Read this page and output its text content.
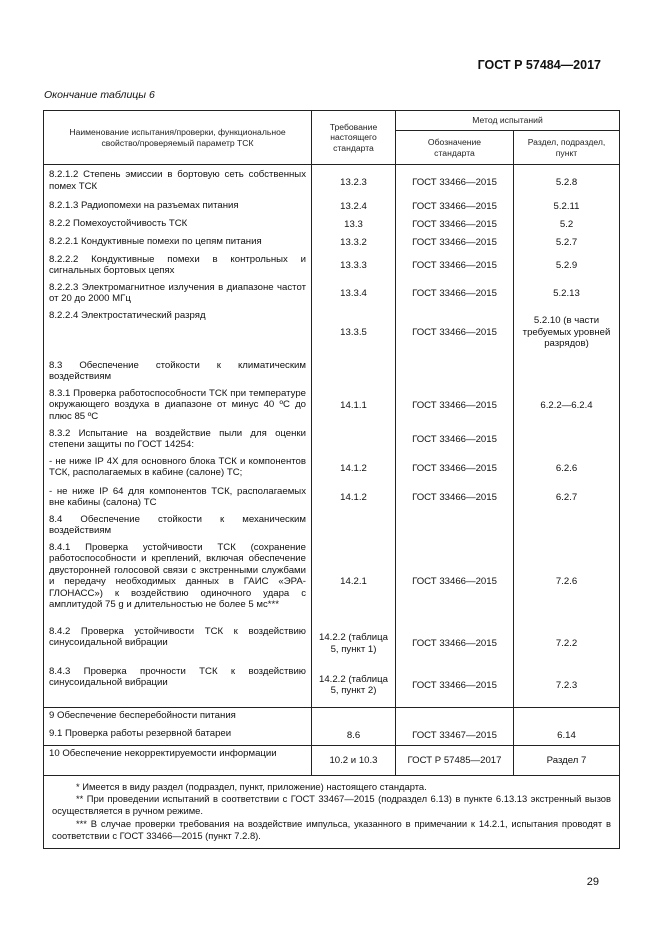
ГОСТ Р 57484—2017
Окончание таблицы 6
Наименование испытания/проверки, функциональное свойство/проверяемый параметр ТСК	Требование настоящего стандарта	Метод испытаний	
		Обозначение стандарта	Раздел, подраздел, пункт
8.2.1.2 Степень эмиссии в бортовую сеть собственных помех ТСК	13.2.3	ГОСТ 33466—2015	5.2.8
8.2.1.3 Радиопомехи на разъемах питания	13.2.4	ГОСТ 33466—2015	5.2.11
8.2.2 Помехоустойчивость ТСК	13.3	ГОСТ 33466—2015	5.2
8.2.2.1 Кондуктивные помехи по цепям питания	13.3.2	ГОСТ 33466—2015	5.2.7
8.2.2.2 Кондуктивные помехи в контрольных и сигнальных бортовых цепях	13.3.3	ГОСТ 33466—2015	5.2.9
8.2.2.3 Электромагнитное излучения в диапазоне частот от 20 до 2000 МГц	13.3.4	ГОСТ 33466—2015	5.2.13
8.2.2.4 Электростатический разряд	13.3.5	ГОСТ 33466—2015	5.2.10 (в части требуемых уровней разрядов)
8.3 Обеспечение стойкости к климатическим воздействиям			
8.3.1 Проверка работоспособности ТСК при температуре окружающего воздуха в диапазоне от минус 40 ºС до плюс 85 ºС	14.1.1	ГОСТ 33466—2015	6.2.2—6.2.4
8.3.2 Испытание на воздействие пыли для оценки степени защиты по ГОСТ 14254:		ГОСТ 33466—2015	
- не ниже IP 4X для основного блока ТСК и компонентов ТСК, располагаемых в кабине (салоне) ТС;	14.1.2	ГОСТ 33466—2015	6.2.6
- не ниже IP 64 для компонентов ТСК, располагаемых вне кабины (салона) ТС	14.1.2	ГОСТ 33466—2015	6.2.7
8.4 Обеспечение стойкости к механическим воздействиям			
8.4.1 Проверка устойчивости ТСК (сохранение работоспособности и креплений, включая обеспечение двусторонней голосовой связи с экстренными службами и передачу необходимых данных в ГАИС «ЭРА-ГЛОНАСС») к воздействию одиночного удара с амплитудой 75 g и длительностью не более 5 мс***	14.2.1	ГОСТ 33466—2015	7.2.6
8.4.2 Проверка устойчивости ТСК к воздействию синусоидальной вибрации	14.2.2 (таблица 5, пункт 1)	ГОСТ 33466—2015	7.2.2
8.4.3 Проверка прочности ТСК к воздействию синусоидальной вибрации	14.2.2 (таблица 5, пункт 2)	ГОСТ 33466—2015	7.2.3
9 Обеспечение бесперебойности питания			
9.1 Проверка работы резервной батареи	8.6	ГОСТ 33467—2015	6.14
10 Обеспечение некорректируемости информации	10.2 и 10.3	ГОСТ Р 57485—2017	Раздел 7

* Имеется в виду раздел (подраздел, пункт, приложение) настоящего стандарта.

** При проведении испытаний в соответствии с ГОСТ 33467—2015 (подраздел 6.13) в пункте 6.13.13 экстренный вызов осуществляется в ручном режиме.

*** В случае проверки требования на воздействие импульса, указанного в примечании к 14.2.1, испытания проводят в соответствии с ГОСТ 33466—2015 (пункт 7.2.8).			

29
